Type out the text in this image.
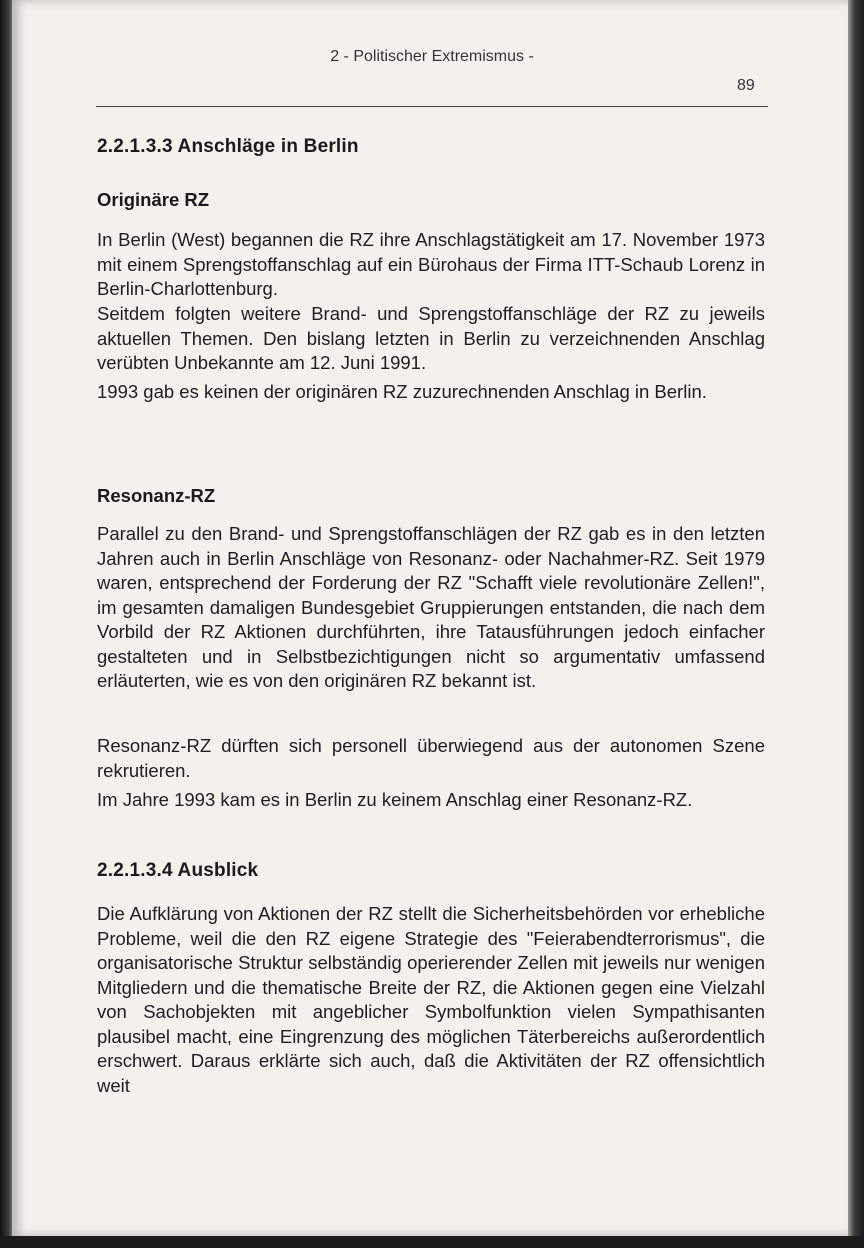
2 - Politischer Extremismus -
89
2.2.1.3.3 Anschläge in Berlin
Originäre RZ
In Berlin (West) begannen die RZ ihre Anschlagstätigkeit am 17. November 1973 mit einem Sprengstoffanschlag auf ein Bürohaus der Firma ITT-Schaub Lorenz in Berlin-Charlottenburg.
Seitdem folgten weitere Brand- und Sprengstoffanschläge der RZ zu jeweils aktuellen Themen. Den bislang letzten in Berlin zu verzeichnenden Anschlag verübten Unbekannte am 12. Juni 1991.
1993 gab es keinen der originären RZ zuzurechnenden Anschlag in Berlin.
Resonanz-RZ
Parallel zu den Brand- und Sprengstoffanschlägen der RZ gab es in den letzten Jahren auch in Berlin Anschläge von Resonanz- oder Nachahmer-RZ. Seit 1979 waren, entsprechend der Forderung der RZ "Schafft viele revolutionäre Zellen!", im gesamten damaligen Bundesgebiet Gruppierungen entstanden, die nach dem Vorbild der RZ Aktionen durchführten, ihre Tatausführungen jedoch einfacher gestalteten und in Selbstbezichtigungen nicht so argumentativ umfassend erläuterten, wie es von den originären RZ bekannt ist.
Resonanz-RZ dürften sich personell überwiegend aus der autonomen Szene rekrutieren.
Im Jahre 1993 kam es in Berlin zu keinem Anschlag einer Resonanz-RZ.
2.2.1.3.4 Ausblick
Die Aufklärung von Aktionen der RZ stellt die Sicherheitsbehörden vor erhebliche Probleme, weil die den RZ eigene Strategie des "Feierabendterrorismus", die organisatorische Struktur selbständig operierender Zellen mit jeweils nur wenigen Mitgliedern und die thematische Breite der RZ, die Aktionen gegen eine Vielzahl von Sachobjekten mit angeblicher Symbolfunktion vielen Sympathisanten plausibel macht, eine Eingrenzung des möglichen Täterbereichs außerordentlich erschwert. Daraus erklärte sich auch, daß die Aktivitäten der RZ offensichtlich weit
